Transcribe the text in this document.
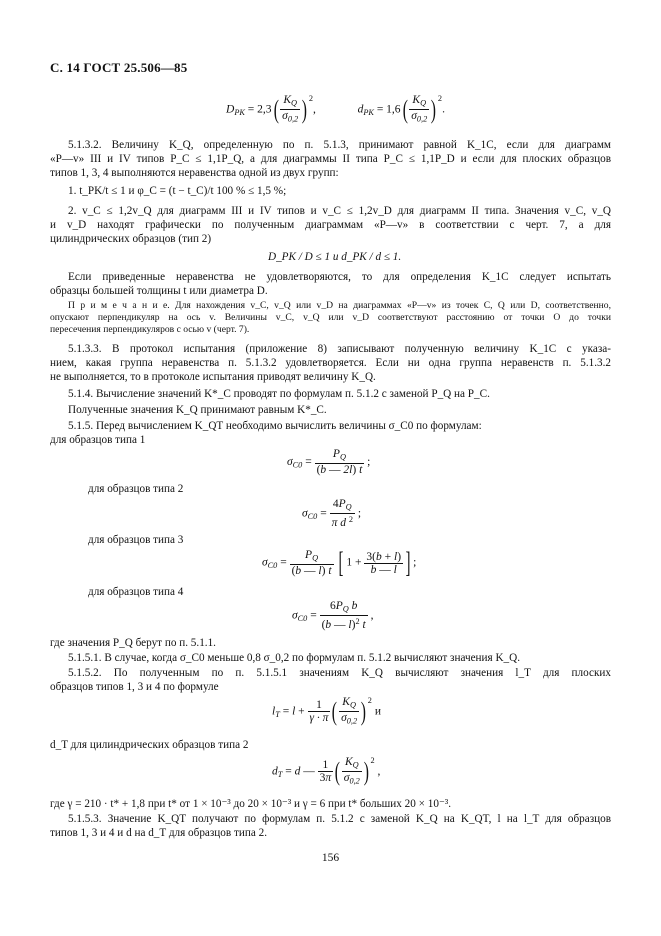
С. 14 ГОСТ 25.506—85
$D_{PK} = 2,3( \frac{K_Q}{\sigma_{0,2}}$ ) $^2$,	$d_{PK} = 1,6( \frac{K_Q}{\sigma_{0,2}}$ ) $^2$.
5.1.3.2. Величину K_Q, определенную по п. 5.1.3, принимают равной K_1C, если для диаграмм
«P—v» III и IV типов P_C ≤ 1,1P_Q, а для диаграммы II типа P_C ≤ 1,1P_D и если для плоских образцов
типов 1, 3, 4 выполняются неравенства одной из двух групп:
1. t_PK/t ≤ 1 и φ_C = (t − t_C)/t 100 % ≤ 1,5 %;
2. v_C ≤ 1,2v_Q для диаграмм III и IV типов и v_C ≤ 1,2v_D для диаграмм II типа. Значения v_C, v_Q
и v_D находят графически по полученным диаграммам «P—v» в соответствии с черт. 7, а для
цилиндрических образцов (тип 2)
D_PK / D ≤ 1 и d_PK / d ≤ 1.
Если приведенные неравенства не удовлетворяются, то для определения K_1C следует испытать
образцы большей толщины t или диаметра D.
П р и м е ч а н и е. Для нахождения v_C, v_Q или v_D на диаграммах «P—v» из точек C, Q или D, соответственно,
опускают перпендикуляр на ось v. Величины v_C, v_Q или v_D соответствуют расстоянию от точки O до точки
пересечения перпендикуляров с осью v (черт. 7).
5.1.3.3. В протокол испытания (приложение 8) записывают полученную величину K_1C с указа-
нием, какая группа неравенства п. 5.1.3.2 удовлетворяется. Если ни одна группа неравенств п. 5.1.3.2
не выполняется, то в протоколе испытания приводят величину K_Q.
5.1.4. Вычисление значений K*_C проводят по формулам п. 5.1.2 с заменой P_Q на P_C.
Полученные значения K_Q принимают равным K*_C.
5.1.5. Перед вычислением K_QT необходимо вычислить величины σ_C0 по формулам:
для образцов типа 1
$\sigma_{C0} = \frac{P_Q}{(b — 2l) t}$ ;
для образцов типа 2
$\sigma_{C0} = \frac{4P_Q}{\pi d ^2}$ ;
для образцов типа 3
$\sigma_{C0} = \frac{P_Q}{(b — l) t}$ [ $1 + \frac{3(b + l)}{b — l}$ ] ;
для образцов типа 4
$\sigma_{C0} = \frac{6P_Q b}{(b — l)^2 t}$ ,
где значения P_Q берут по п. 5.1.1.
5.1.5.1. В случае, когда σ_C0 меньше 0,8 σ_0,2 по формулам п. 5.1.2 вычисляют значения K_Q.
5.1.5.2. По полученным по п. 5.1.5.1 значениям K_Q вычисляют значения l_T для плоских
образцов типов 1, 3 и 4 по формуле
$l_T = l + \frac{1}{\gamma \cdot \pi}$ ( $\frac{K_Q}{\sigma_{0,2}}$ ) $^2$ и
d_T для цилиндрических образцов типа 2
$d_T = d$ — $\frac{1}{3\pi}$ ( $\frac{K_Q}{\sigma_{0,2}}$ ) $^2$ ,
где γ = 210 · t* + 1,8 при t* от 1 × 10⁻³ до 20 × 10⁻³ и γ = 6 при t* больших 20 × 10⁻³.
5.1.5.3. Значение K_QT получают по формулам п. 5.1.2 с заменой K_Q на K_QT, l на l_T для образцов
типов 1, 3 и 4 и d на d_T для образцов типа 2.
156
